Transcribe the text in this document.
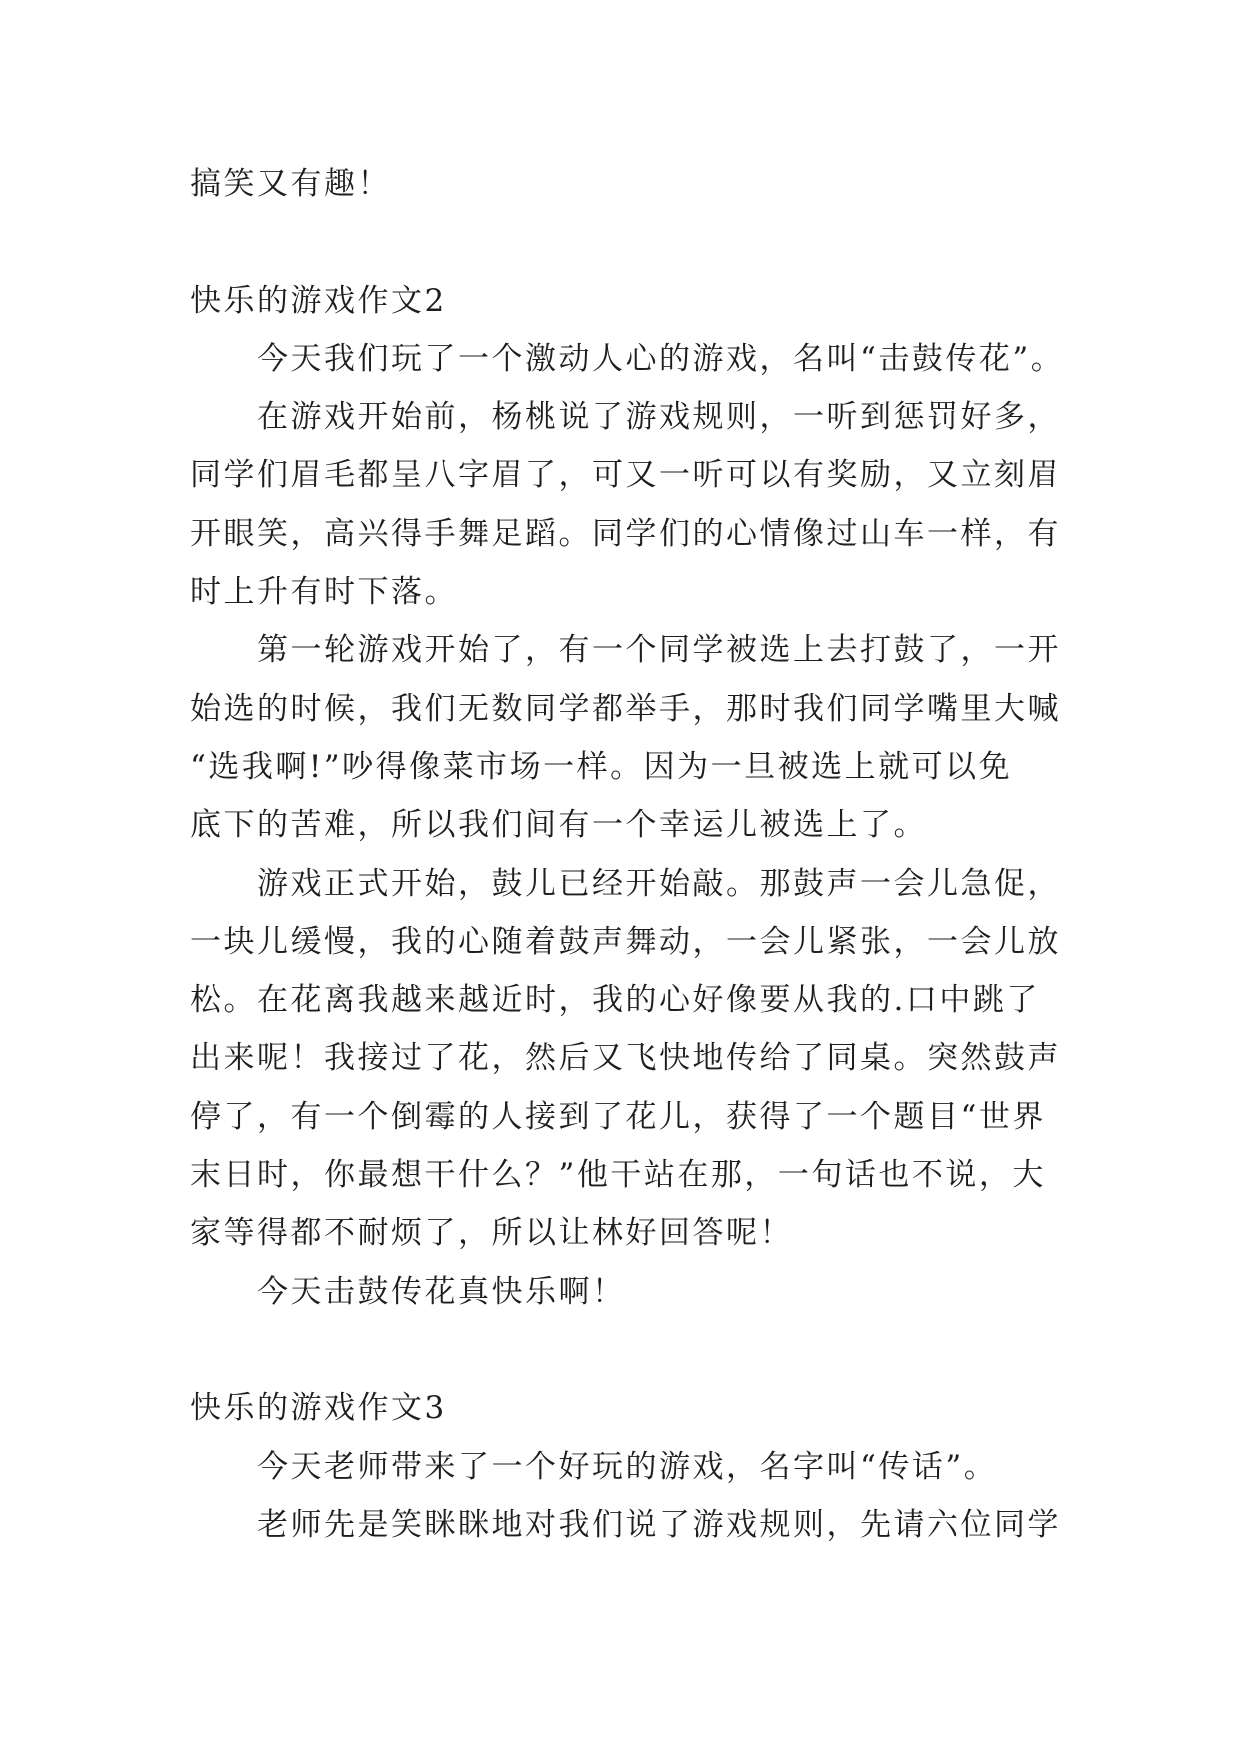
搞笑又有趣！
快乐的游戏作文2
今天我们玩了一个激动人心的游戏，名叫“击鼓传花”。
在游戏开始前，杨桃说了游戏规则，一听到惩罚好多，
同学们眉毛都呈八字眉了，可又一听可以有奖励，又立刻眉
开眼笑，高兴得手舞足蹈。同学们的心情像过山车一样，有
时上升有时下落。
第一轮游戏开始了，有一个同学被选上去打鼓了，一开
始选的时候，我们无数同学都举手，那时我们同学嘴里大喊
“选我啊!”吵得像菜市场一样。因为一旦被选上就可以免
底下的苦难，所以我们间有一个幸运儿被选上了。
游戏正式开始，鼓儿已经开始敲。那鼓声一会儿急促，
一块儿缓慢，我的心随着鼓声舞动，一会儿紧张，一会儿放
松。在花离我越来越近时，我的心好像要从我的.口中跳了
出来呢！我接过了花，然后又飞快地传给了同桌。突然鼓声
停了，有一个倒霉的人接到了花儿，获得了一个题目“世界
末日时，你最想干什么？”他干站在那，一句话也不说，大
家等得都不耐烦了，所以让林好回答呢！
今天击鼓传花真快乐啊！
快乐的游戏作文3
今天老师带来了一个好玩的游戏，名字叫“传话”。
老师先是笑眯眯地对我们说了游戏规则，先请六位同学
